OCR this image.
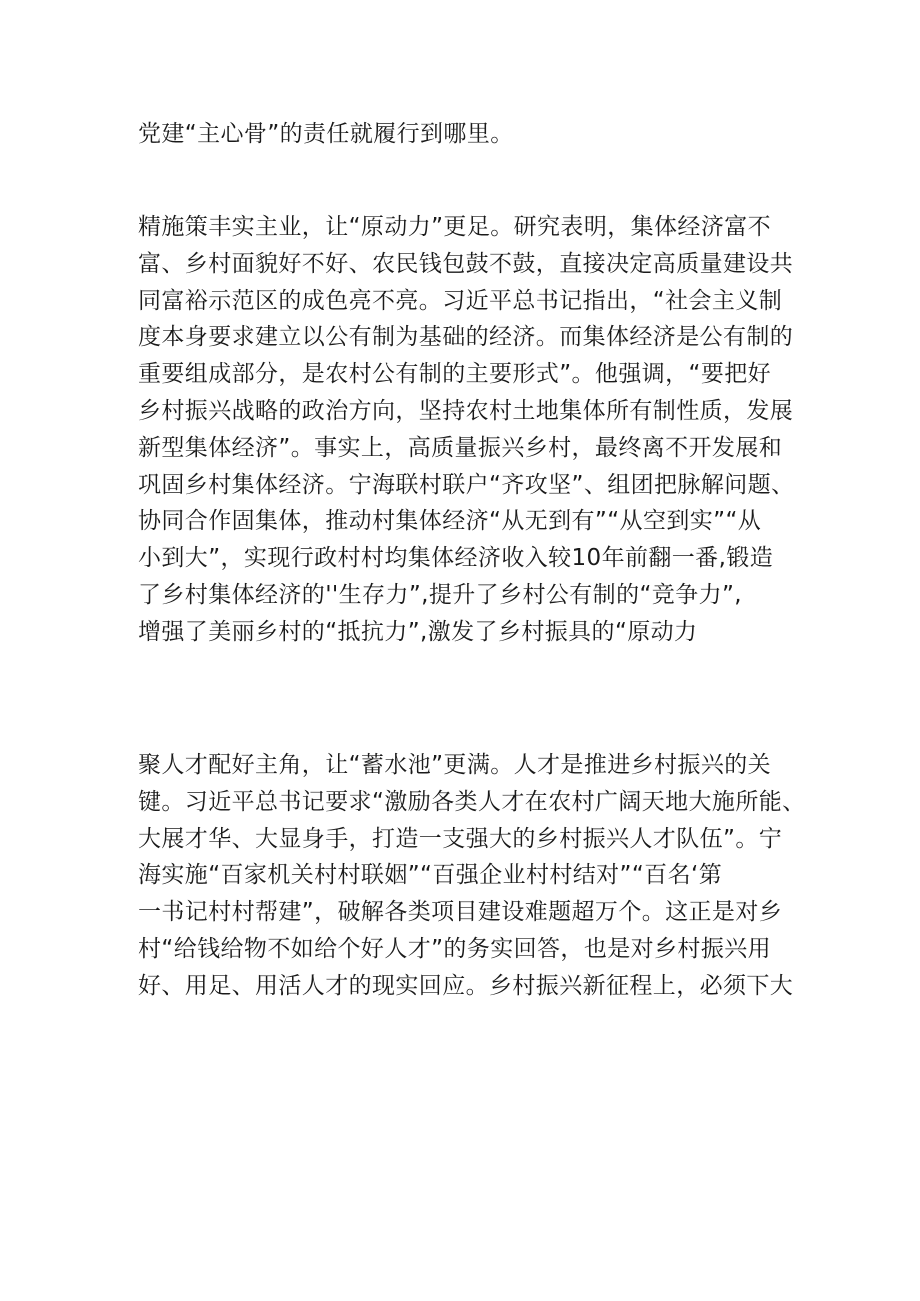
党建“主心骨”的责任就履行到哪里。
精施策丰实主业，让“原动力”更足。研究表明，集体经济富不
富、乡村面貌好不好、农民钱包鼓不鼓，直接决定高质量建设共
同富裕示范区的成色亮不亮。习近平总书记指出，“社会主义制
度本身要求建立以公有制为基础的经济。而集体经济是公有制的
重要组成部分，是农村公有制的主要形式”。他强调，“要把好
乡村振兴战略的政治方向，坚持农村土地集体所有制性质，发展
新型集体经济”。事实上，高质量振兴乡村，最终离不开发展和
巩固乡村集体经济。宁海联村联户“齐攻坚”、组团把脉解问题、
协同合作固集体，推动村集体经济“从无到有”“从空到实”“从
小到大”，实现行政村村均集体经济收入较10年前翻一番,锻造
了乡村集体经济的''生存力”,提升了乡村公有制的“竞争力”,
增强了美丽乡村的“抵抗力”,激发了乡村振具的“原动力
聚人才配好主角，让“蓄水池”更满。人才是推进乡村振兴的关
键。习近平总书记要求“激励各类人才在农村广阔天地大施所能、
大展才华、大显身手，打造一支强大的乡村振兴人才队伍”。宁
海实施“百家机关村村联姻”“百强企业村村结对”“百名‘第
一书记村村帮建”，破解各类项目建设难题超万个。这正是对乡
村“给钱给物不如给个好人才”的务实回答，也是对乡村振兴用
好、用足、用活人才的现实回应。乡村振兴新征程上，必须下大
